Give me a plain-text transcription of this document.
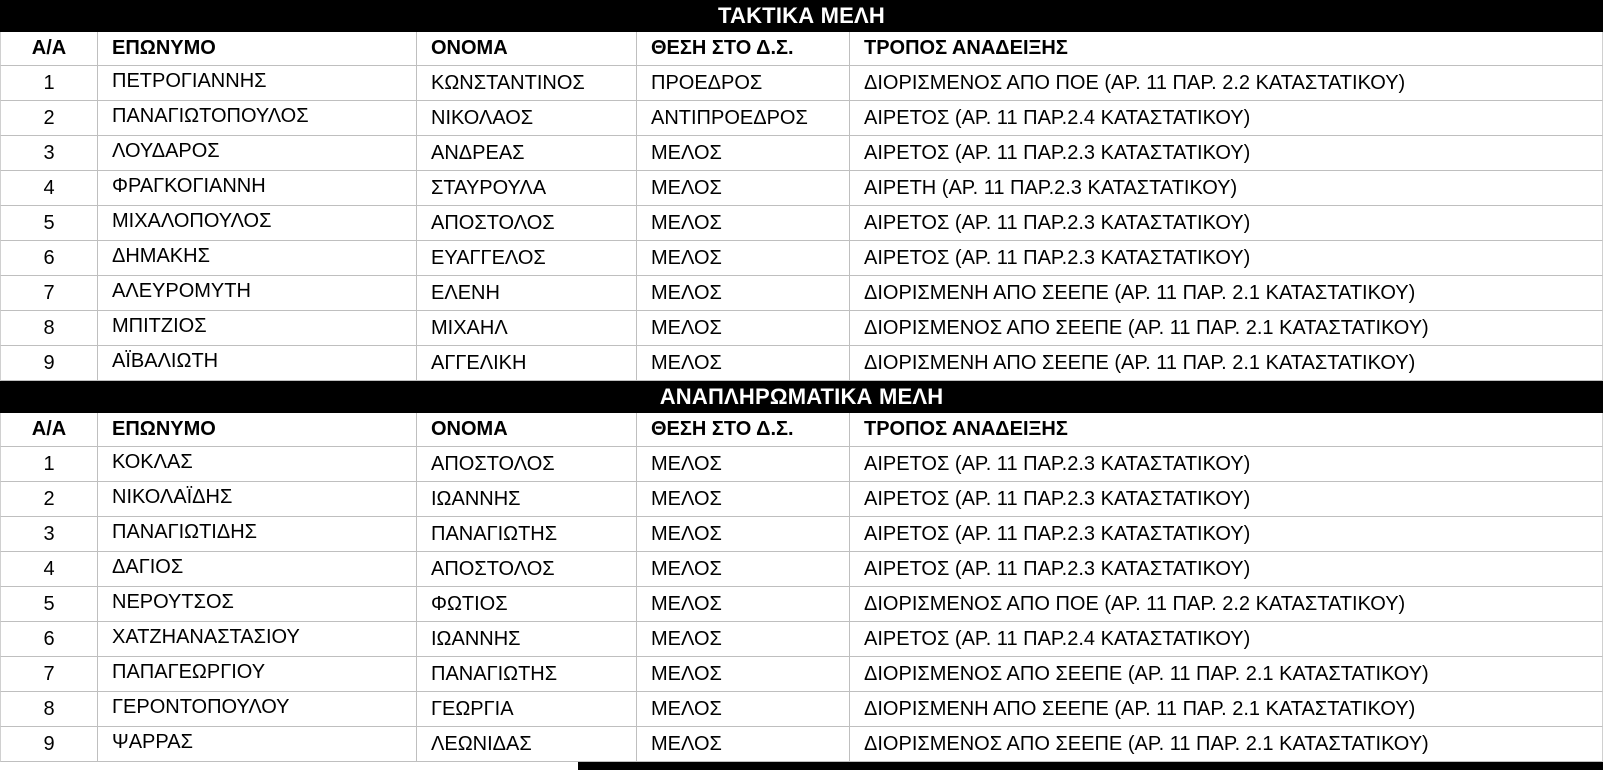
ΤΑΚΤΙΚΑ ΜΕΛΗ
Α/Α	ΕΠΩΝΥΜΟ	ΟΝΟΜΑ	ΘΕΣΗ ΣΤΟ Δ.Σ.	ΤΡΟΠΟΣ ΑΝΑΔΕΙΞΗΣ
1	ΠΕΤΡΟΓΙΑΝΝΗΣ	ΚΩΝΣΤΑΝΤΙΝΟΣ	ΠΡΟΕΔΡΟΣ	ΔΙΟΡΙΣΜΕΝΟΣ ΑΠΟ ΠΟΕ (ΑΡ. 11 ΠΑΡ. 2.2 ΚΑΤΑΣΤΑΤΙΚΟΥ)
2	ΠΑΝΑΓΙΩΤΟΠΟΥΛΟΣ	ΝΙΚΟΛΑΟΣ	ΑΝΤΙΠΡΟΕΔΡΟΣ	ΑΙΡΕΤΟΣ (ΑΡ. 11 ΠΑΡ.2.4 ΚΑΤΑΣΤΑΤΙΚΟΥ)
3	ΛΟΥΔΑΡΟΣ	ΑΝΔΡΕΑΣ	ΜΕΛΟΣ	ΑΙΡΕΤΟΣ (ΑΡ. 11 ΠΑΡ.2.3 ΚΑΤΑΣΤΑΤΙΚΟΥ)
4	ΦΡΑΓΚΟΓΙΑΝΝΗ	ΣΤΑΥΡΟΥΛΑ	ΜΕΛΟΣ	ΑΙΡΕΤΗ (ΑΡ. 11 ΠΑΡ.2.3 ΚΑΤΑΣΤΑΤΙΚΟΥ)
5	ΜΙΧΑΛΟΠΟΥΛΟΣ	ΑΠΟΣΤΟΛΟΣ	ΜΕΛΟΣ	ΑΙΡΕΤΟΣ (ΑΡ. 11 ΠΑΡ.2.3 ΚΑΤΑΣΤΑΤΙΚΟΥ)
6	ΔΗΜΑΚΗΣ	ΕΥΑΓΓΕΛΟΣ	ΜΕΛΟΣ	ΑΙΡΕΤΟΣ (ΑΡ. 11 ΠΑΡ.2.3 ΚΑΤΑΣΤΑΤΙΚΟΥ)
7	ΑΛΕΥΡΟΜΥΤΗ	ΕΛΕΝΗ	ΜΕΛΟΣ	ΔΙΟΡΙΣΜΕΝΗ ΑΠΟ ΣΕΕΠΕ (ΑΡ. 11 ΠΑΡ. 2.1 ΚΑΤΑΣΤΑΤΙΚΟΥ)
8	ΜΠΙΤΖΙΟΣ	ΜΙΧΑΗΛ	ΜΕΛΟΣ	ΔΙΟΡΙΣΜΕΝΟΣ ΑΠΟ ΣΕΕΠΕ (ΑΡ. 11 ΠΑΡ. 2.1 ΚΑΤΑΣΤΑΤΙΚΟΥ)
9	ΑΪΒΑΛΙΩΤΗ	ΑΓΓΕΛΙΚΗ	ΜΕΛΟΣ	ΔΙΟΡΙΣΜΕΝΗ ΑΠΟ ΣΕΕΠΕ (ΑΡ. 11 ΠΑΡ. 2.1 ΚΑΤΑΣΤΑΤΙΚΟΥ)
ΑΝΑΠΛΗΡΩΜΑΤΙΚΑ ΜΕΛΗ
Α/Α	ΕΠΩΝΥΜΟ	ΟΝΟΜΑ	ΘΕΣΗ ΣΤΟ Δ.Σ.	ΤΡΟΠΟΣ ΑΝΑΔΕΙΞΗΣ
1	ΚΟΚΛΑΣ	ΑΠΟΣΤΟΛΟΣ	ΜΕΛΟΣ	ΑΙΡΕΤΟΣ (ΑΡ. 11 ΠΑΡ.2.3 ΚΑΤΑΣΤΑΤΙΚΟΥ)
2	ΝΙΚΟΛΑΪΔΗΣ	ΙΩΑΝΝΗΣ	ΜΕΛΟΣ	ΑΙΡΕΤΟΣ (ΑΡ. 11 ΠΑΡ.2.3 ΚΑΤΑΣΤΑΤΙΚΟΥ)
3	ΠΑΝΑΓΙΩΤΙΔΗΣ	ΠΑΝΑΓΙΩΤΗΣ	ΜΕΛΟΣ	ΑΙΡΕΤΟΣ (ΑΡ. 11 ΠΑΡ.2.3 ΚΑΤΑΣΤΑΤΙΚΟΥ)
4	ΔΑΓΙΟΣ	ΑΠΟΣΤΟΛΟΣ	ΜΕΛΟΣ	ΑΙΡΕΤΟΣ (ΑΡ. 11 ΠΑΡ.2.3 ΚΑΤΑΣΤΑΤΙΚΟΥ)
5	ΝΕΡΟΥΤΣΟΣ	ΦΩΤΙΟΣ	ΜΕΛΟΣ	ΔΙΟΡΙΣΜΕΝΟΣ ΑΠΟ ΠΟΕ (ΑΡ. 11 ΠΑΡ. 2.2 ΚΑΤΑΣΤΑΤΙΚΟΥ)
6	ΧΑΤΖΗΑΝΑΣΤΑΣΙΟΥ	ΙΩΑΝΝΗΣ	ΜΕΛΟΣ	ΑΙΡΕΤΟΣ (ΑΡ. 11 ΠΑΡ.2.4 ΚΑΤΑΣΤΑΤΙΚΟΥ)
7	ΠΑΠΑΓΕΩΡΓΙΟΥ	ΠΑΝΑΓΙΩΤΗΣ	ΜΕΛΟΣ	ΔΙΟΡΙΣΜΕΝΟΣ ΑΠΟ ΣΕΕΠΕ (ΑΡ. 11 ΠΑΡ. 2.1 ΚΑΤΑΣΤΑΤΙΚΟΥ)
8	ΓΕΡΟΝΤΟΠΟΥΛΟΥ	ΓΕΩΡΓΙΑ	ΜΕΛΟΣ	ΔΙΟΡΙΣΜΕΝΗ ΑΠΟ ΣΕΕΠΕ (ΑΡ. 11 ΠΑΡ. 2.1 ΚΑΤΑΣΤΑΤΙΚΟΥ)
9	ΨΑΡΡΑΣ	ΛΕΩΝΙΔΑΣ	ΜΕΛΟΣ	ΔΙΟΡΙΣΜΕΝΟΣ ΑΠΟ ΣΕΕΠΕ (ΑΡ. 11 ΠΑΡ. 2.1 ΚΑΤΑΣΤΑΤΙΚΟΥ)
